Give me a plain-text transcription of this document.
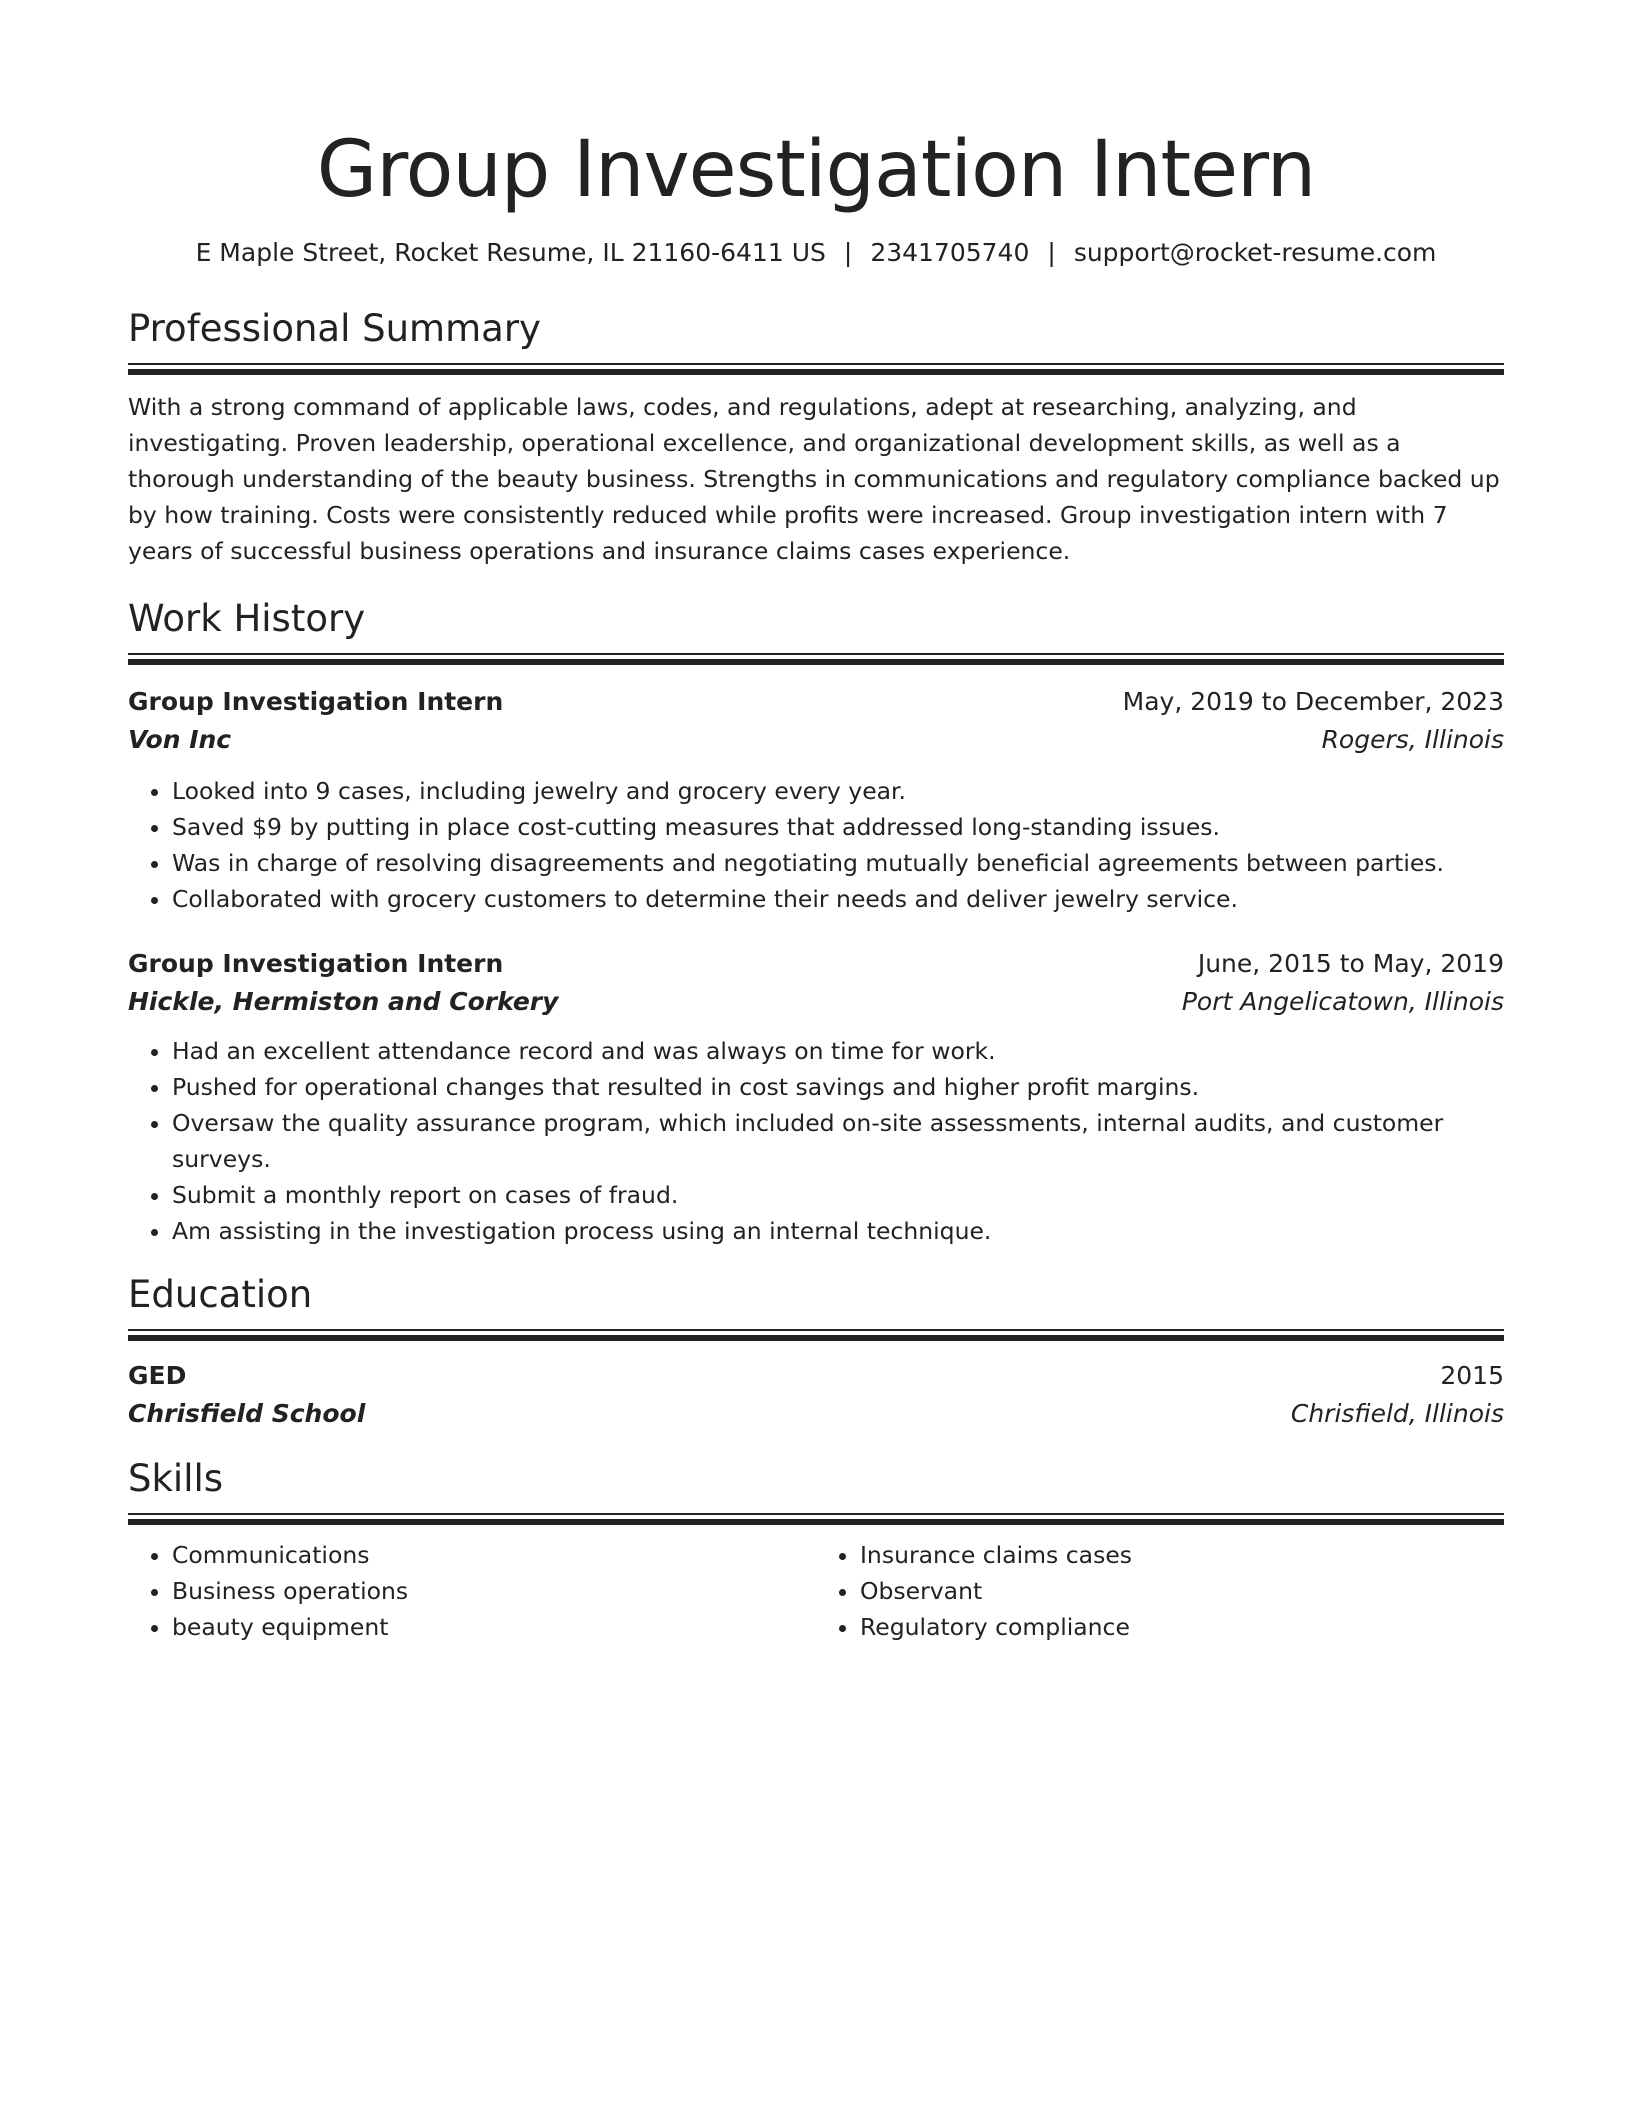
Group Investigation Intern
E Maple Street, Rocket Resume, IL 21160-6411 US | 2341705740 | support@rocket-resume.com
Professional Summary
With a strong command of applicable laws, codes, and regulations, adept at researching, analyzing, and investigating. Proven leadership, operational excellence, and organizational development skills, as well as a thorough understanding of the beauty business. Strengths in communications and regulatory compliance backed up by how training. Costs were consistently reduced while profits were increased. Group investigation intern with 7 years of successful business operations and insurance claims cases experience.
Work History
Group Investigation Intern	May, 2019 to December, 2023
Von Inc	Rogers, Illinois
• Looked into 9 cases, including jewelry and grocery every year.
• Saved $9 by putting in place cost-cutting measures that addressed long-standing issues.
• Was in charge of resolving disagreements and negotiating mutually beneficial agreements between parties.
• Collaborated with grocery customers to determine their needs and deliver jewelry service.
Group Investigation Intern	June, 2015 to May, 2019
Hickle, Hermiston and Corkery	Port Angelicatown, Illinois
• Had an excellent attendance record and was always on time for work.
• Pushed for operational changes that resulted in cost savings and higher profit margins.
• Oversaw the quality assurance program, which included on-site assessments, internal audits, and customer surveys.
• Submit a monthly report on cases of fraud.
• Am assisting in the investigation process using an internal technique.
Education
GED	2015
Chrisfield School	Chrisfield, Illinois
Skills
• Communications
• Business operations
• beauty equipment
• Insurance claims cases
• Observant
• Regulatory compliance
